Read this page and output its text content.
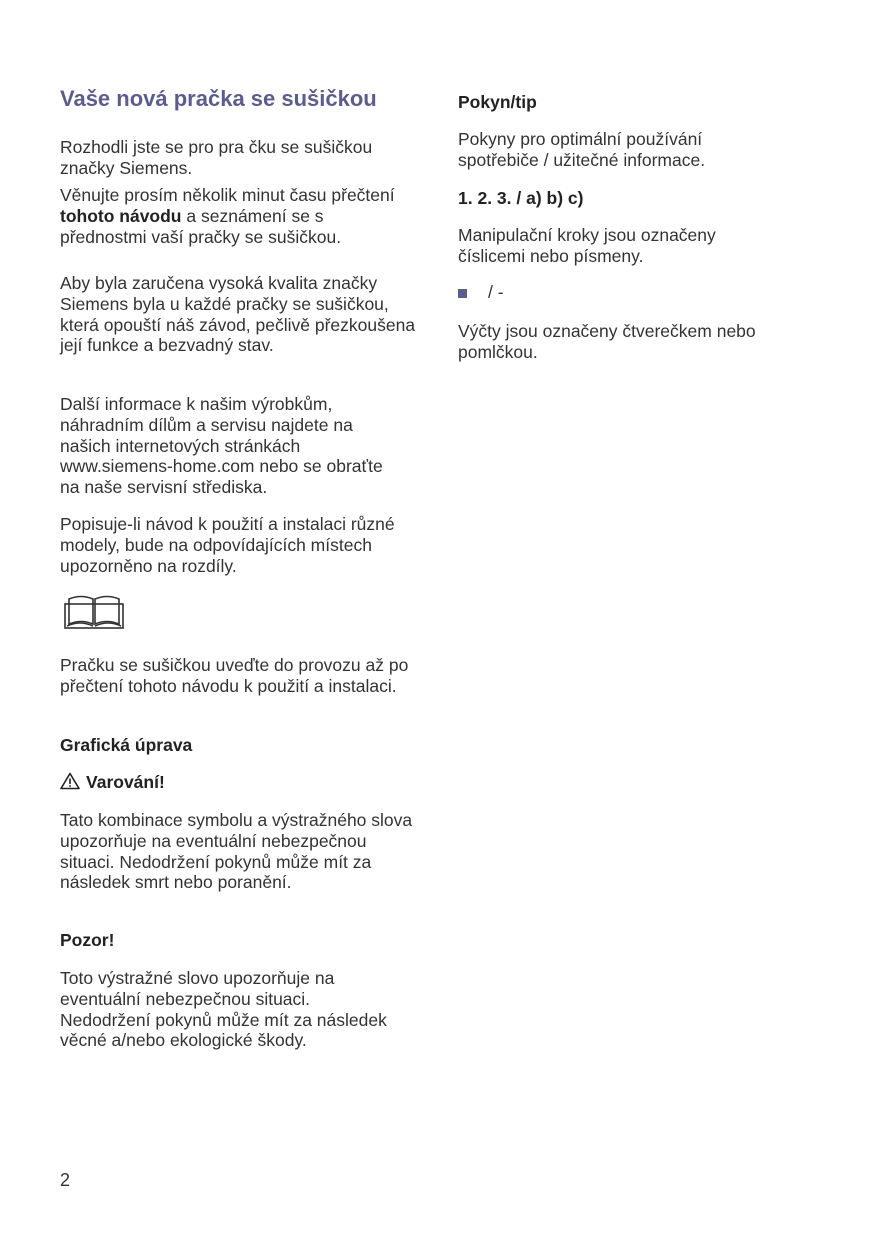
Vaše nová pračka se sušičkou

Rozhodli jste se pro pra čku se sušičkou značky Siemens.

Věnujte prosím několik minut času přečtení tohoto návodu a seznámení se s přednostmi vaší pračky se sušičkou.

Aby byla zaručena vysoká kvalita značky Siemens byla u každé pračky se sušičkou, která opouští náš závod, pečlivě přezkoušena její funkce a bezvadný stav.

Další informace k našim výrobkům, náhradním dílům a servisu najdete na našich internetových stránkách www.siemens-home.com nebo se obraťte na naše servisní střediska.

Popisuje-li návod k použití a instalaci různé modely, bude na odpovídajících místech upozorněno na rozdíly.

Pračku se sušičkou uveďte do provozu až po přečtení tohoto návodu k použití a instalaci.

Grafická úprava
Varování!

Tato kombinace symbolu a výstražného slova upozorňuje na eventuální nebezpečnou situaci. Nedodržení pokynů může mít za následek smrt nebo poranění.

Pozor!

Toto výstražné slovo upozorňuje na eventuální nebezpečnou situaci. Nedodržení pokynů může mít za následek věcné a/nebo ekologické škody.

Pokyn/tip

Pokyny pro optimální používání spotřebiče / užitečné informace.

1. 2. 3. / a) b) c)

Manipulační kroky jsou označeny číslicemi nebo písmeny.

/ -

Výčty jsou označeny čtverečkem nebo pomlčkou.

2
